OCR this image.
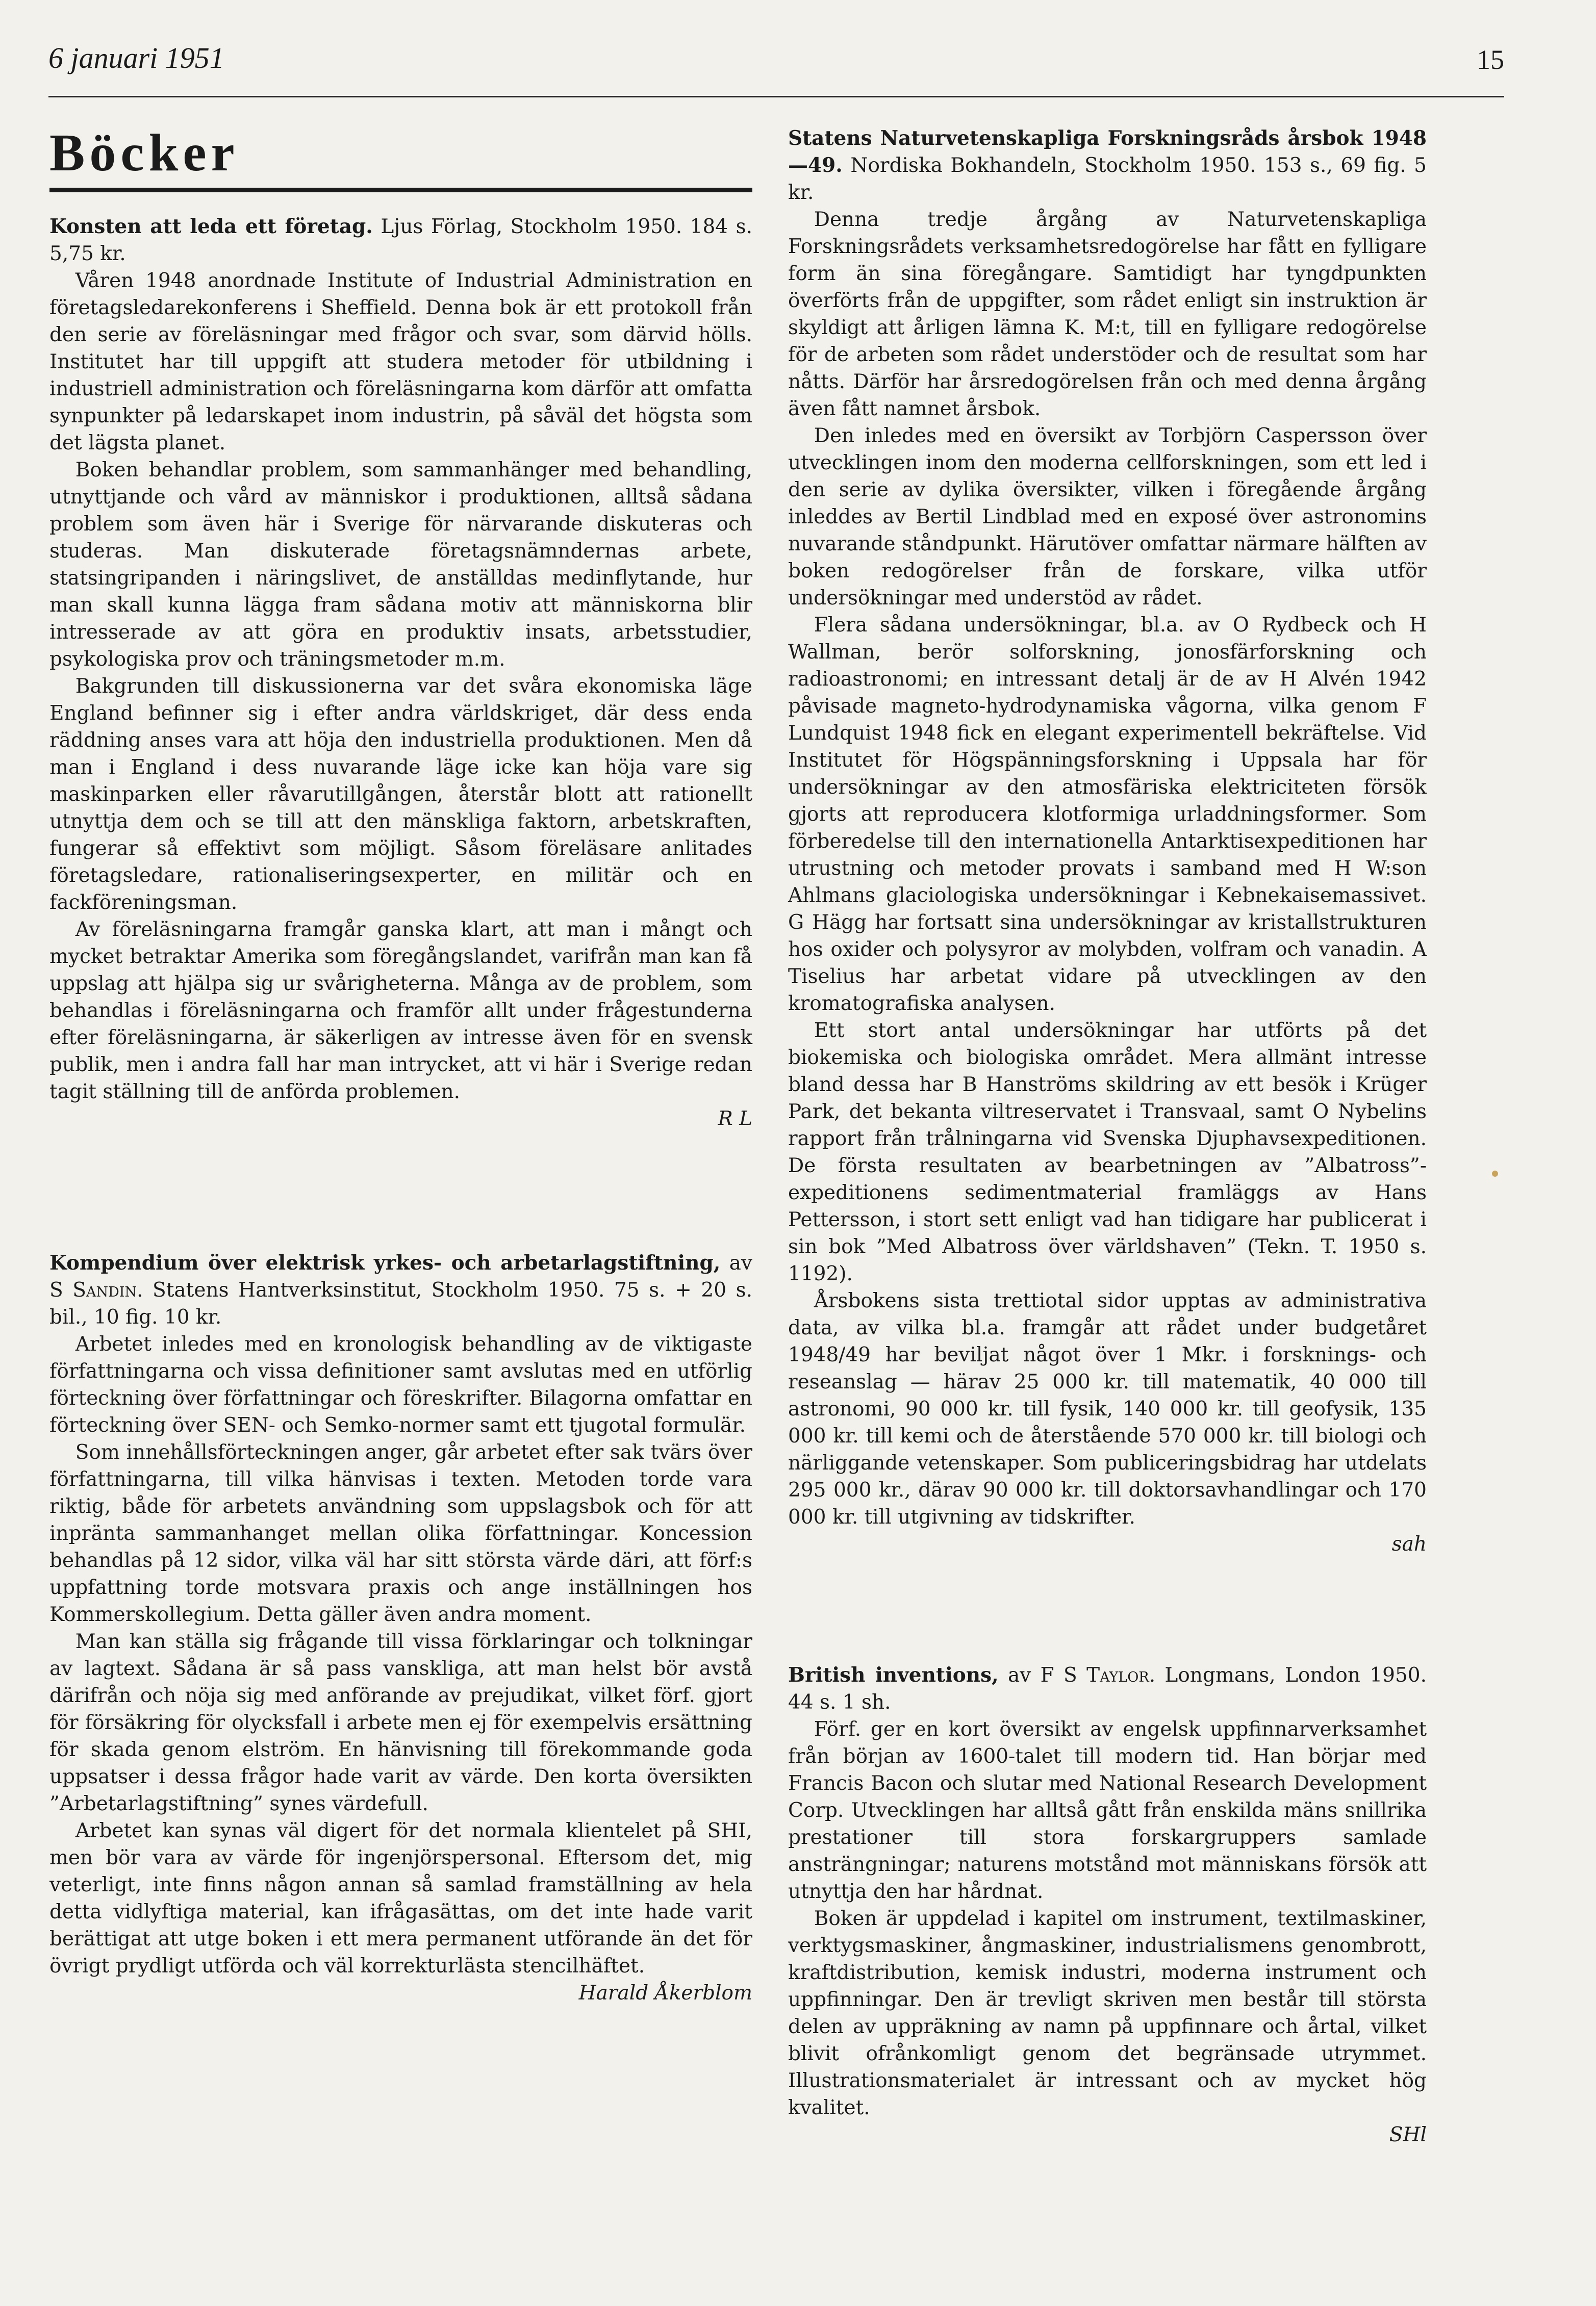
6 januari 1951	15
Böcker

Konsten att leda ett företag. Ljus Förlag, Stockholm 1950. 184 s. 5,75 kr.

Våren 1948 anordnade Institute of Industrial Administration en företagsledarekonferens i Sheffield. Denna bok är ett protokoll från den serie av föreläsningar med frågor och svar, som därvid hölls. Institutet har till uppgift att studera metoder för utbildning i industriell administration och föreläsningarna kom därför att omfatta synpunkter på ledarskapet inom industrin, på såväl det högsta som det lägsta planet.

Boken behandlar problem, som sammanhänger med behandling, utnyttjande och vård av människor i produktionen, alltså sådana problem som även här i Sverige för närvarande diskuteras och studeras. Man diskuterade företagsnämndernas arbete, statsingripanden i näringslivet, de anställdas medinflytande, hur man skall kunna lägga fram sådana motiv att människorna blir intresserade av att göra en produktiv insats, arbetsstudier, psykologiska prov och träningsmetoder m.m.

Bakgrunden till diskussionerna var det svåra ekonomiska läge England befinner sig i efter andra världskriget, där dess enda räddning anses vara att höja den industriella produktionen. Men då man i England i dess nuvarande läge icke kan höja vare sig maskinparken eller råvarutillgången, återstår blott att rationellt utnyttja dem och se till att den mänskliga faktorn, arbetskraften, fungerar så effektivt som möjligt. Såsom föreläsare anlitades företagsledare, rationaliseringsexperter, en militär och en fackföreningsman.

Av föreläsningarna framgår ganska klart, att man i mångt och mycket betraktar Amerika som föregångslandet, varifrån man kan få uppslag att hjälpa sig ur svårigheterna. Många av de problem, som behandlas i föreläsningarna och framför allt under frågestunderna efter föreläsningarna, är säkerligen av intresse även för en svensk publik, men i andra fall har man intrycket, att vi här i Sverige redan tagit ställning till de anförda problemen.

R L

Kompendium över elektrisk yrkes- och arbetarlagstiftning, av S Sandin. Statens Hantverksinstitut, Stockholm 1950. 75 s. + 20 s. bil., 10 fig. 10 kr.

Arbetet inledes med en kronologisk behandling av de viktigaste författningarna och vissa definitioner samt avslutas med en utförlig förteckning över författningar och föreskrifter. Bilagorna omfattar en förteckning över SEN- och Semko-normer samt ett tjugotal formulär.

Som innehållsförteckningen anger, går arbetet efter sak tvärs över författningarna, till vilka hänvisas i texten. Metoden torde vara riktig, både för arbetets användning som uppslagsbok och för att inpränta sammanhanget mellan olika författningar. Koncession behandlas på 12 sidor, vilka väl har sitt största värde däri, att förf:s uppfattning torde motsvara praxis och ange inställningen hos Kommerskollegium. Detta gäller även andra moment.

Man kan ställa sig frågande till vissa förklaringar och tolkningar av lagtext. Sådana är så pass vanskliga, att man helst bör avstå därifrån och nöja sig med anförande av prejudikat, vilket förf. gjort för försäkring för olycksfall i arbete men ej för exempelvis ersättning för skada genom elström. En hänvisning till förekommande goda uppsatser i dessa frågor hade varit av värde. Den korta översikten ”Arbetarlagstiftning” synes värdefull.

Arbetet kan synas väl digert för det normala klientelet på SHI, men bör vara av värde för ingenjörspersonal. Eftersom det, mig veterligt, inte finns någon annan så samlad framställning av hela detta vidlyftiga material, kan ifrågasättas, om det inte hade varit berättigat att utge boken i ett mera permanent utförande än det för övrigt prydligt utförda och väl korrekturlästa stencilhäftet.

Harald Åkerblom

Statens Naturvetenskapliga Forskningsråds årsbok 1948—49. Nordiska Bokhandeln, Stockholm 1950. 153 s., 69 fig. 5 kr.

Denna tredje årgång av Naturvetenskapliga Forskningsrådets verksamhetsredogörelse har fått en fylligare form än sina föregångare. Samtidigt har tyngdpunkten överförts från de uppgifter, som rådet enligt sin instruktion är skyldigt att årligen lämna K. M:t, till en fylligare redogörelse för de arbeten som rådet understöder och de resultat som har nåtts. Därför har årsredogörelsen från och med denna årgång även fått namnet årsbok.

Den inledes med en översikt av Torbjörn Caspersson över utvecklingen inom den moderna cellforskningen, som ett led i den serie av dylika översikter, vilken i föregående årgång inleddes av Bertil Lindblad med en exposé över astronomins nuvarande ståndpunkt. Härutöver omfattar närmare hälften av boken redogörelser från de forskare, vilka utför undersökningar med understöd av rådet.

Flera sådana undersökningar, bl.a. av O Rydbeck och H Wallman, berör solforskning, jonosfärforskning och radioastronomi; en intressant detalj är de av H Alvén 1942 påvisade magneto-hydrodynamiska vågorna, vilka genom F Lundquist 1948 fick en elegant experimentell bekräftelse. Vid Institutet för Högspänningsforskning i Uppsala har för undersökningar av den atmosfäriska elektriciteten försök gjorts att reproducera klotformiga urladdningsformer. Som förberedelse till den internationella Antarktisexpeditionen har utrustning och metoder provats i samband med H W:son Ahlmans glaciologiska undersökningar i Kebnekaisemassivet. G Hägg har fortsatt sina undersökningar av kristallstrukturen hos oxider och polysyror av molybden, volfram och vanadin. A Tiselius har arbetat vidare på utvecklingen av den kromatografiska analysen.

Ett stort antal undersökningar har utförts på det biokemiska och biologiska området. Mera allmänt intresse bland dessa har B Hanströms skildring av ett besök i Krüger Park, det bekanta viltreservatet i Transvaal, samt O Nybelins rapport från trålningarna vid Svenska Djuphavsexpeditionen. De första resultaten av bearbetningen av ”Albatross”-expeditionens sedimentmaterial framläggs av Hans Pettersson, i stort sett enligt vad han tidigare har publicerat i sin bok ”Med Albatross över världshaven” (Tekn. T. 1950 s. 1192).

Årsbokens sista trettiotal sidor upptas av administrativa data, av vilka bl.a. framgår att rådet under budgetåret 1948/49 har beviljat något över 1 Mkr. i forsknings- och reseanslag — härav 25 000 kr. till matematik, 40 000 till astronomi, 90 000 kr. till fysik, 140 000 kr. till geofysik, 135 000 kr. till kemi och de återstående 570 000 kr. till biologi och närliggande vetenskaper. Som publiceringsbidrag har utdelats 295 000 kr., därav 90 000 kr. till doktorsavhandlingar och 170 000 kr. till utgivning av tidskrifter.

sah

British inventions, av F S Taylor. Longmans, London 1950. 44 s. 1 sh.

Förf. ger en kort översikt av engelsk uppfinnarverksamhet från början av 1600-talet till modern tid. Han börjar med Francis Bacon och slutar med National Research Development Corp. Utvecklingen har alltså gått från enskilda mäns snillrika prestationer till stora forskargruppers samlade ansträngningar; naturens motstånd mot människans försök att utnyttja den har hårdnat.

Boken är uppdelad i kapitel om instrument, textilmaskiner, verktygsmaskiner, ångmaskiner, industrialismens genombrott, kraftdistribution, kemisk industri, moderna instrument och uppfinningar. Den är trevligt skriven men består till största delen av uppräkning av namn på uppfinnare och årtal, vilket blivit ofrånkomligt genom det begränsade utrymmet. Illustrationsmaterialet är intressant och av mycket hög kvalitet.

SHl
